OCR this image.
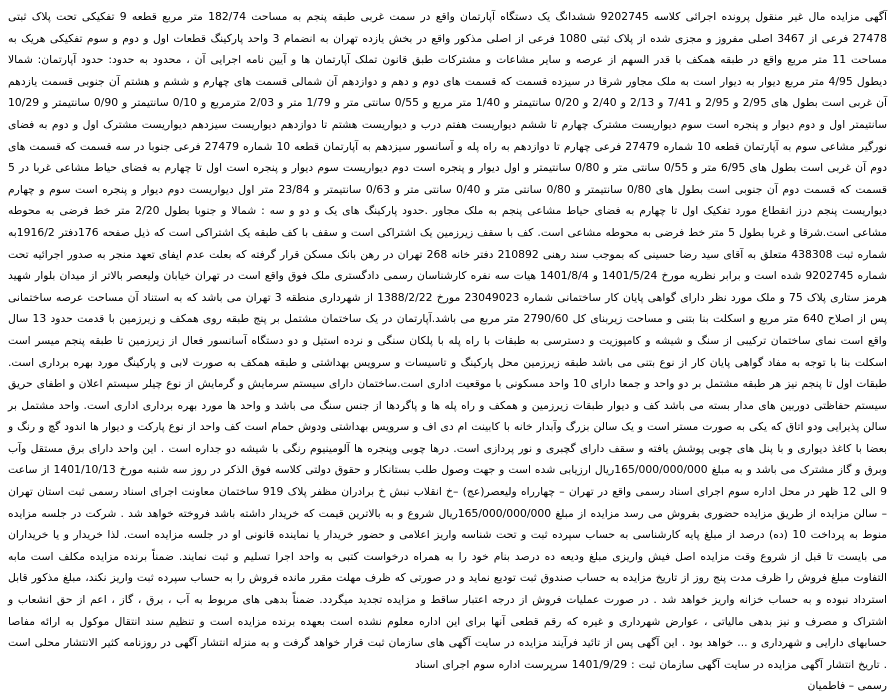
آگهی مزایده مال غیر منقول پرونده اجرائی کلاسه 9202745 ششدانگ یک دستگاه آپارتمان واقع در سمت غربی طبقه پنجم به مساحت 182/74 متر مربع قطعه 9 تفکیکی تحت پلاک ثبتی 27478 فرعی از 3467 اصلی مفروز و مجزی شده از پلاک ثبتی 1080 فرعی از اصلی مذکور واقع در بخش یازده تهران به انضمام 3 واحد پارکینگ قطعات اول و دوم و سوم تفکیکی هریک به مساحت 11 متر مربع واقع در طبقه همکف با قدر السهم از عرصه و سایر مشاعات و مشترکات طبق قانون تملک آپارتمان ها و آیین نامه اجرایی آن ، محدود به حدود: حدود آپارتمان: شمالا دیطول 4/95 متر مربع دیوار به دیوار است به ملک مجاور شرقا در سیزده قسمت که قسمت های دوم و دهم و دوازدهم آن شمالی قسمت های چهارم و ششم و هشتم آن جنوبی قسمت یازدهم آن غربی است بطول های 2/95 و 2/95 و 7/41 و 2/13 و 2/40 و 0/20 سانتیمتر و 1/40 متر مربع و 0/55 سانتی متر و 1/79 متر و 2/03 مترمربع و 0/10 سانتیمتر و 0/90 سانتیمتر و 10/29 سانتیمتر اول و دوم دیوار و پنجره است سوم دیواریست مشترک چهارم تا ششم دیواریست هفتم درب و دیواریست هشتم تا دوازدهم دیواریست سیزدهم دیواریست مشترک اول و دوم به فضای نورگیر مشاعی سوم به آپارتمان قطعه 10 شماره 27479 فرعی چهارم تا دوازدهم به راه پله و آسانسور سیزدهم به آپارتمان قطعه 10 شماره 27479 فرعی جنوبا در سه قسمت که قسمت های دوم آن غربی است بطول های 6/95 متر و 0/55 سانتی متر و 0/80 سانتیمتر و اول دیوار و پنجره است دوم دیواریست سوم دیوار و پنجره است اول تا چهارم به فضای حیاط مشاعی غربا در 5 قسمت که قسمت دوم آن جنوبی است بطول های 0/80 سانتیمتر و 0/80 سانتی متر و 0/40 سانتی متر و 0/63 سانتیمتر و 23/84 متر اول دیواریست دوم دیوار و پنجره است سوم و چهارم دیواریست پنجم درز انقطاع مورد تفکیک اول تا چهارم به فضای حیاط مشاعی پنجم به ملک مجاور .حدود پارکینگ های یک و دو و سه : شمالا و جنوبا بطول 2/20 متر خط فرضی به محوطه مشاعی است.شرقا و غربا بطول 5 متر خط فرضی به محوطه مشاعی است. کف با سقف زیرزمین یک اشتراکی است و سقف با کف طبقه یک اشتراکی است که ذیل صفحه 176دفتر 1916/2به شماره ثبت 438308 متعلق به آقای سید رضا حسینی که بموجب سند رهنی 210892 دفتر خانه 268 تهران در رهن بانک مسکن قرار گرفته که بعلت عدم ایفای تعهد منجر به صدور اجرائیه تحت شماره 9202745 شده است و برابر نظریه مورخ 1401/5/24 و 1401/8/4 هیات سه نفره کارشناسان رسمی دادگستری ملک فوق واقع است در تهران خیابان ولیعصر بالاتر از میدان بلوار شهید هرمز ستاری پلاک 75 و ملک مورد نظر دارای گواهی پایان کار ساختمانی شماره 23049023 مورخ 1388/2/22 از شهرداری منطقه 3 تهران می باشد که به استناد آن مساحت عرصه ساختمانی پس از اصلاح 640 متر مربع و اسکلت بنا بتنی و مساحت زیربنای کل 2790/60 متر مربع می باشد.آپارتمان در یک ساختمان مشتمل بر پنج طبقه روی همکف و زیرزمین با قدمت حدود 13 سال واقع است نمای ساختمان ترکیبی از سنگ و شیشه و کامپوزیت و دسترسی به طبقات با راه پله با پلکان سنگی و نرده استیل و دو دستگاه آسانسور فعال از زیرزمین تا طبقه پنجم میسر است اسکلت بنا با توجه به مفاد گواهی پایان کار از نوع بتنی می باشد طبقه زیرزمین محل پارکینگ و تاسیسات و سرویس بهداشتی و طبقه همکف به صورت لابی و پارکینگ مورد بهره برداری است. طبقات اول تا پنجم نیز هر طبقه مشتمل بر دو واحد و جمعا دارای 10 واحد مسکونی با موقعیت اداری است.ساختمان دارای سیستم سرمایش و گرمایش از نوع چیلر سیستم اعلان و اطفای حریق سیستم حفاظتی دوربین های مدار بسته می باشد کف و دیوار طبقات زیرزمین و همکف و راه پله ها و پاگردها از جنس سنگ می باشد و واحد ها مورد بهره برداری اداری است. واحد مشتمل بر سالن پذیرایی ودو اتاق که یکی به صورت مستر است و یک سالن بزرگ وآبدار خانه با کابینت ام دی اف و سرویس بهداشتی ودوش حمام است کف واحد از نوع پارکت و دیوار ها اندود گچ و رنگ و بعضا با کاغذ دیواری و با پنل های چوبی پوشش یافته و سقف دارای گچبری و نور پردازی است. درها چوبی وپنجره ها آلومینیوم رنگی با شیشه دو جداره است . این واحد دارای برق مستقل وآب وبرق و گاز مشترک می باشد و به مبلغ 165/000/000/000ریال ارزیابی شده است و جهت وصول طلب بستانکار و حقوق دولتی کلاسه فوق الذکر در روز سه شنبه مورخ 1401/10/13 از ساعت 9 الی 12 ظهر در محل اداره سوم اجرای اسناد رسمی واقع در تهران – چهارراه ولیعصر(عج) –خ انقلاب نبش خ برادران مظفر پلاک 919 ساختمان معاونت اجرای اسناد رسمی ثبت استان تهران – سالن مزایده از طریق مزایده حضوری بفروش می رسد مزایده از مبلغ 165/000/000/000ریال شروع و به بالاترین قیمت که خریدار داشته باشد فروخته خواهد شد . شرکت در جلسه مزایده منوط به پرداخت 10 (ده) درصد از مبلغ پایه کارشناسی به حساب سپرده ثبت و تحت شناسه واریز اعلامی و حضور خریدار یا نماینده قانونی او در جلسه مزایده است. لذا خریدار و یا خریداران می بایست تا قبل از شروع وقت مزایده اصل فیش واریزی مبلغ ودیعه ده درصد بنام خود را به همراه درخواست کتبی به واحد اجرا تسلیم و ثبت نمایند. ضمناً برنده مزایده مکلف است مابه التفاوت مبلغ فروش را ظرف مدت پنج روز از تاریخ مزایده به حساب صندوق ثبت تودیع نماید و در صورتی که ظرف مهلت مقرر مانده فروش را به حساب سپرده ثبت واریز نکند، مبلغ مذکور قابل استرداد نبوده و به حساب خزانه واریز خواهد شد . در صورت عملیات فروش از درجه اعتبار ساقط و مزایده تجدید میگردد. ضمناً بدهی های مربوط به آب ، برق ، گاز ، اعم از حق انشعاب و اشتراک و مصرف و نیز بدهی مالیاتی ، عوارض شهرداری و غیره که رقم قطعی آنها برای این اداره معلوم نشده است بعهده برنده مزایده است و تنظیم سند انتقال موکول به ارائه مفاصا حسابهای دارایی و شهرداری و ... خواهد بود . این آگهی پس از تائید فرآیند مزایده در سایت آگهی های سازمان ثبت قرار خواهد گرفت و به منزله انتشار آگهی در روزنامه کثیر الانتشار محلی است . تاریخ انتشار آگهی مزایده در سایت آگهی سازمان ثبت : 1401/9/29 سرپرست اداره سوم اجرای اسناد

رسمی – فاطمیان
